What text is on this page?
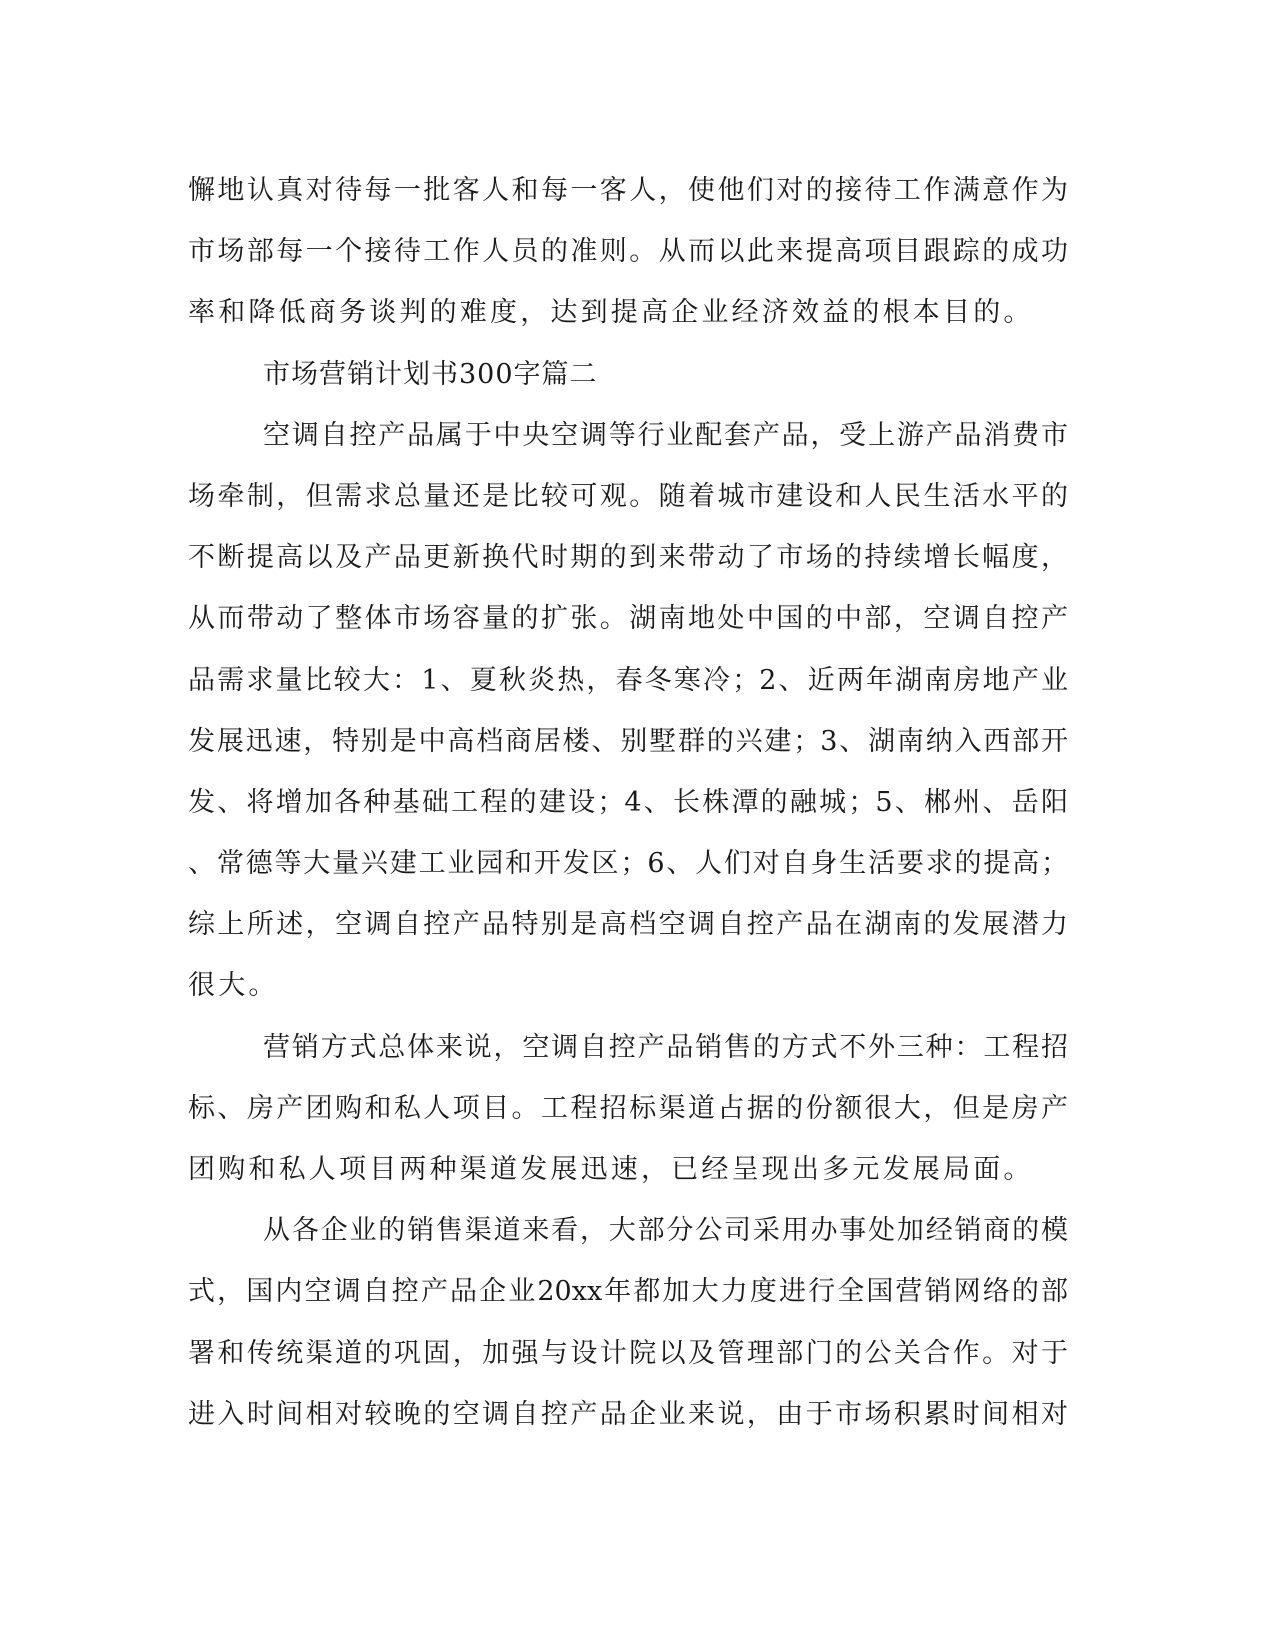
懈地认真对待每一批客人和每一客人，使他们对的接待工作满意作为
市场部每一个接待工作人员的准则。从而以此来提高项目跟踪的成功
率和降低商务谈判的难度，达到提高企业经济效益的根本目的。
市场营销计划书300字篇二
空调自控产品属于中央空调等行业配套产品，受上游产品消费市
场牵制，但需求总量还是比较可观。随着城市建设和人民生活水平的
不断提高以及产品更新换代时期的到来带动了市场的持续增长幅度，
从而带动了整体市场容量的扩张。湖南地处中国的中部，空调自控产
品需求量比较大：1、夏秋炎热，春冬寒冷；2、近两年湖南房地产业
发展迅速，特别是中高档商居楼、别墅群的兴建；3、湖南纳入西部开
发、将增加各种基础工程的建设；4、长株潭的融城；5、郴州、岳阳
、常德等大量兴建工业园和开发区；6、人们对自身生活要求的提高；
综上所述，空调自控产品特别是高档空调自控产品在湖南的发展潜力
很大。
营销方式总体来说，空调自控产品销售的方式不外三种：工程招
标、房产团购和私人项目。工程招标渠道占据的份额很大，但是房产
团购和私人项目两种渠道发展迅速，已经呈现出多元发展局面。
从各企业的销售渠道来看，大部分公司采用办事处加经销商的模
式，国内空调自控产品企业20xx年都加大力度进行全国营销网络的部
署和传统渠道的巩固，加强与设计院以及管理部门的公关合作。对于
进入时间相对较晚的空调自控产品企业来说，由于市场积累时间相对
